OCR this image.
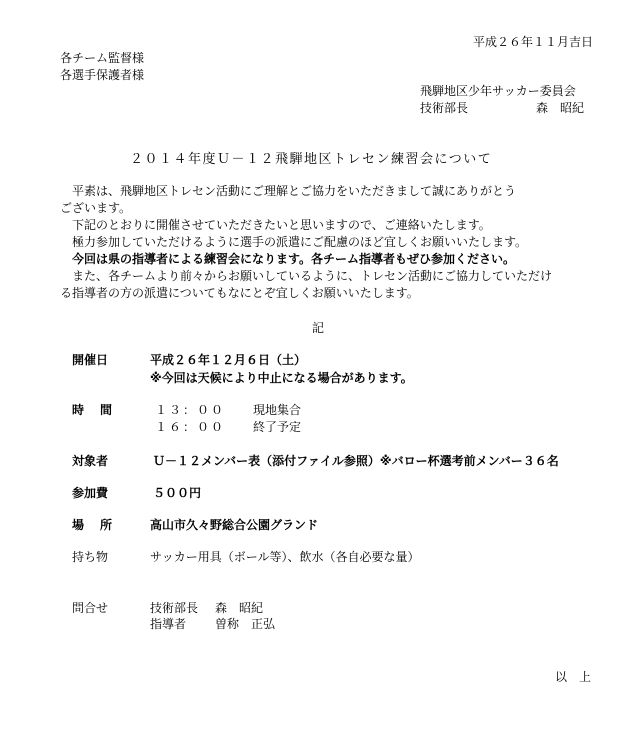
平成２６年１１月吉日
各チーム監督様
各選手保護者様
飛騨地区少年サッカー委員会
技術部長	森　昭紀
２０１４年度Ｕ－１２飛騨地区トレセン練習会について
平素は、飛騨地区トレセン活動にご理解とご協力をいただきまして誠にありがとう
ございます。
下記のとおりに開催させていただきたいと思いますので、ご連絡いたします。
極力参加していただけるように選手の派遣にご配慮のほど宜しくお願いいたします。
今回は県の指導者による練習会になります。各チーム指導者もぜひ参加ください。
また、各チームより前々からお願いしているように、トレセン活動にご協力していただけ
る指導者の方の派遣についてもなにとぞ宜しくお願いいたします。
記
開催日	平成２６年１２月６日（土）
※今回は天候により中止になる場合があります。
時　間	１３：００ 現地集合
１６：００ 終了予定
対象者	Ｕ－１２メンバー表（添付ファイル参照）※バロー杯選考前メンバー３６名
参加費	５００円
場　所	高山市久々野総合公園グランド
持ち物	サッカー用具（ボール等）、飲水（各自必要な量）
問合せ	技術部長 森　昭紀
指導者 曽称　正弘
以　上
